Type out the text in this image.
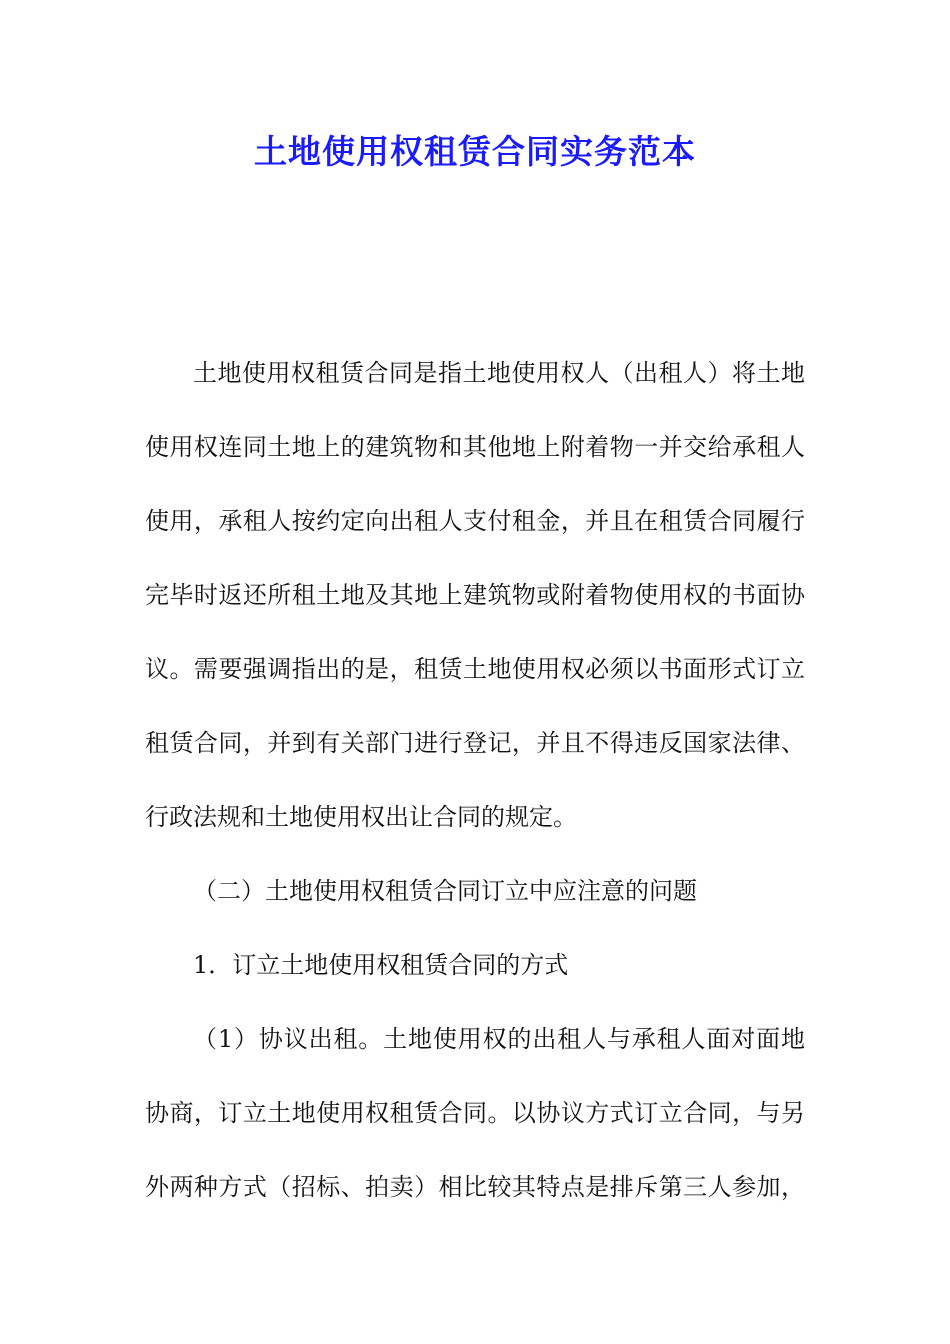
土地使用权租赁合同实务范本

土地使用权租赁合同是指土地使用权人（出租人）将土地
使用权连同土地上的建筑物和其他地上附着物一并交给承租人
使用，承租人按约定向出租人支付租金，并且在租赁合同履行
完毕时返还所租土地及其地上建筑物或附着物使用权的书面协
议。需要强调指出的是，租赁土地使用权必须以书面形式订立
租赁合同，并到有关部门进行登记，并且不得违反国家法律、
行政法规和土地使用权出让合同的规定。

（二）土地使用权租赁合同订立中应注意的问题

1．订立土地使用权租赁合同的方式

（1）协议出租。土地使用权的出租人与承租人面对面地
协商，订立土地使用权租赁合同。以协议方式订立合同，与另
外两种方式（招标、拍卖）相比较其特点是排斥第三人参加，
